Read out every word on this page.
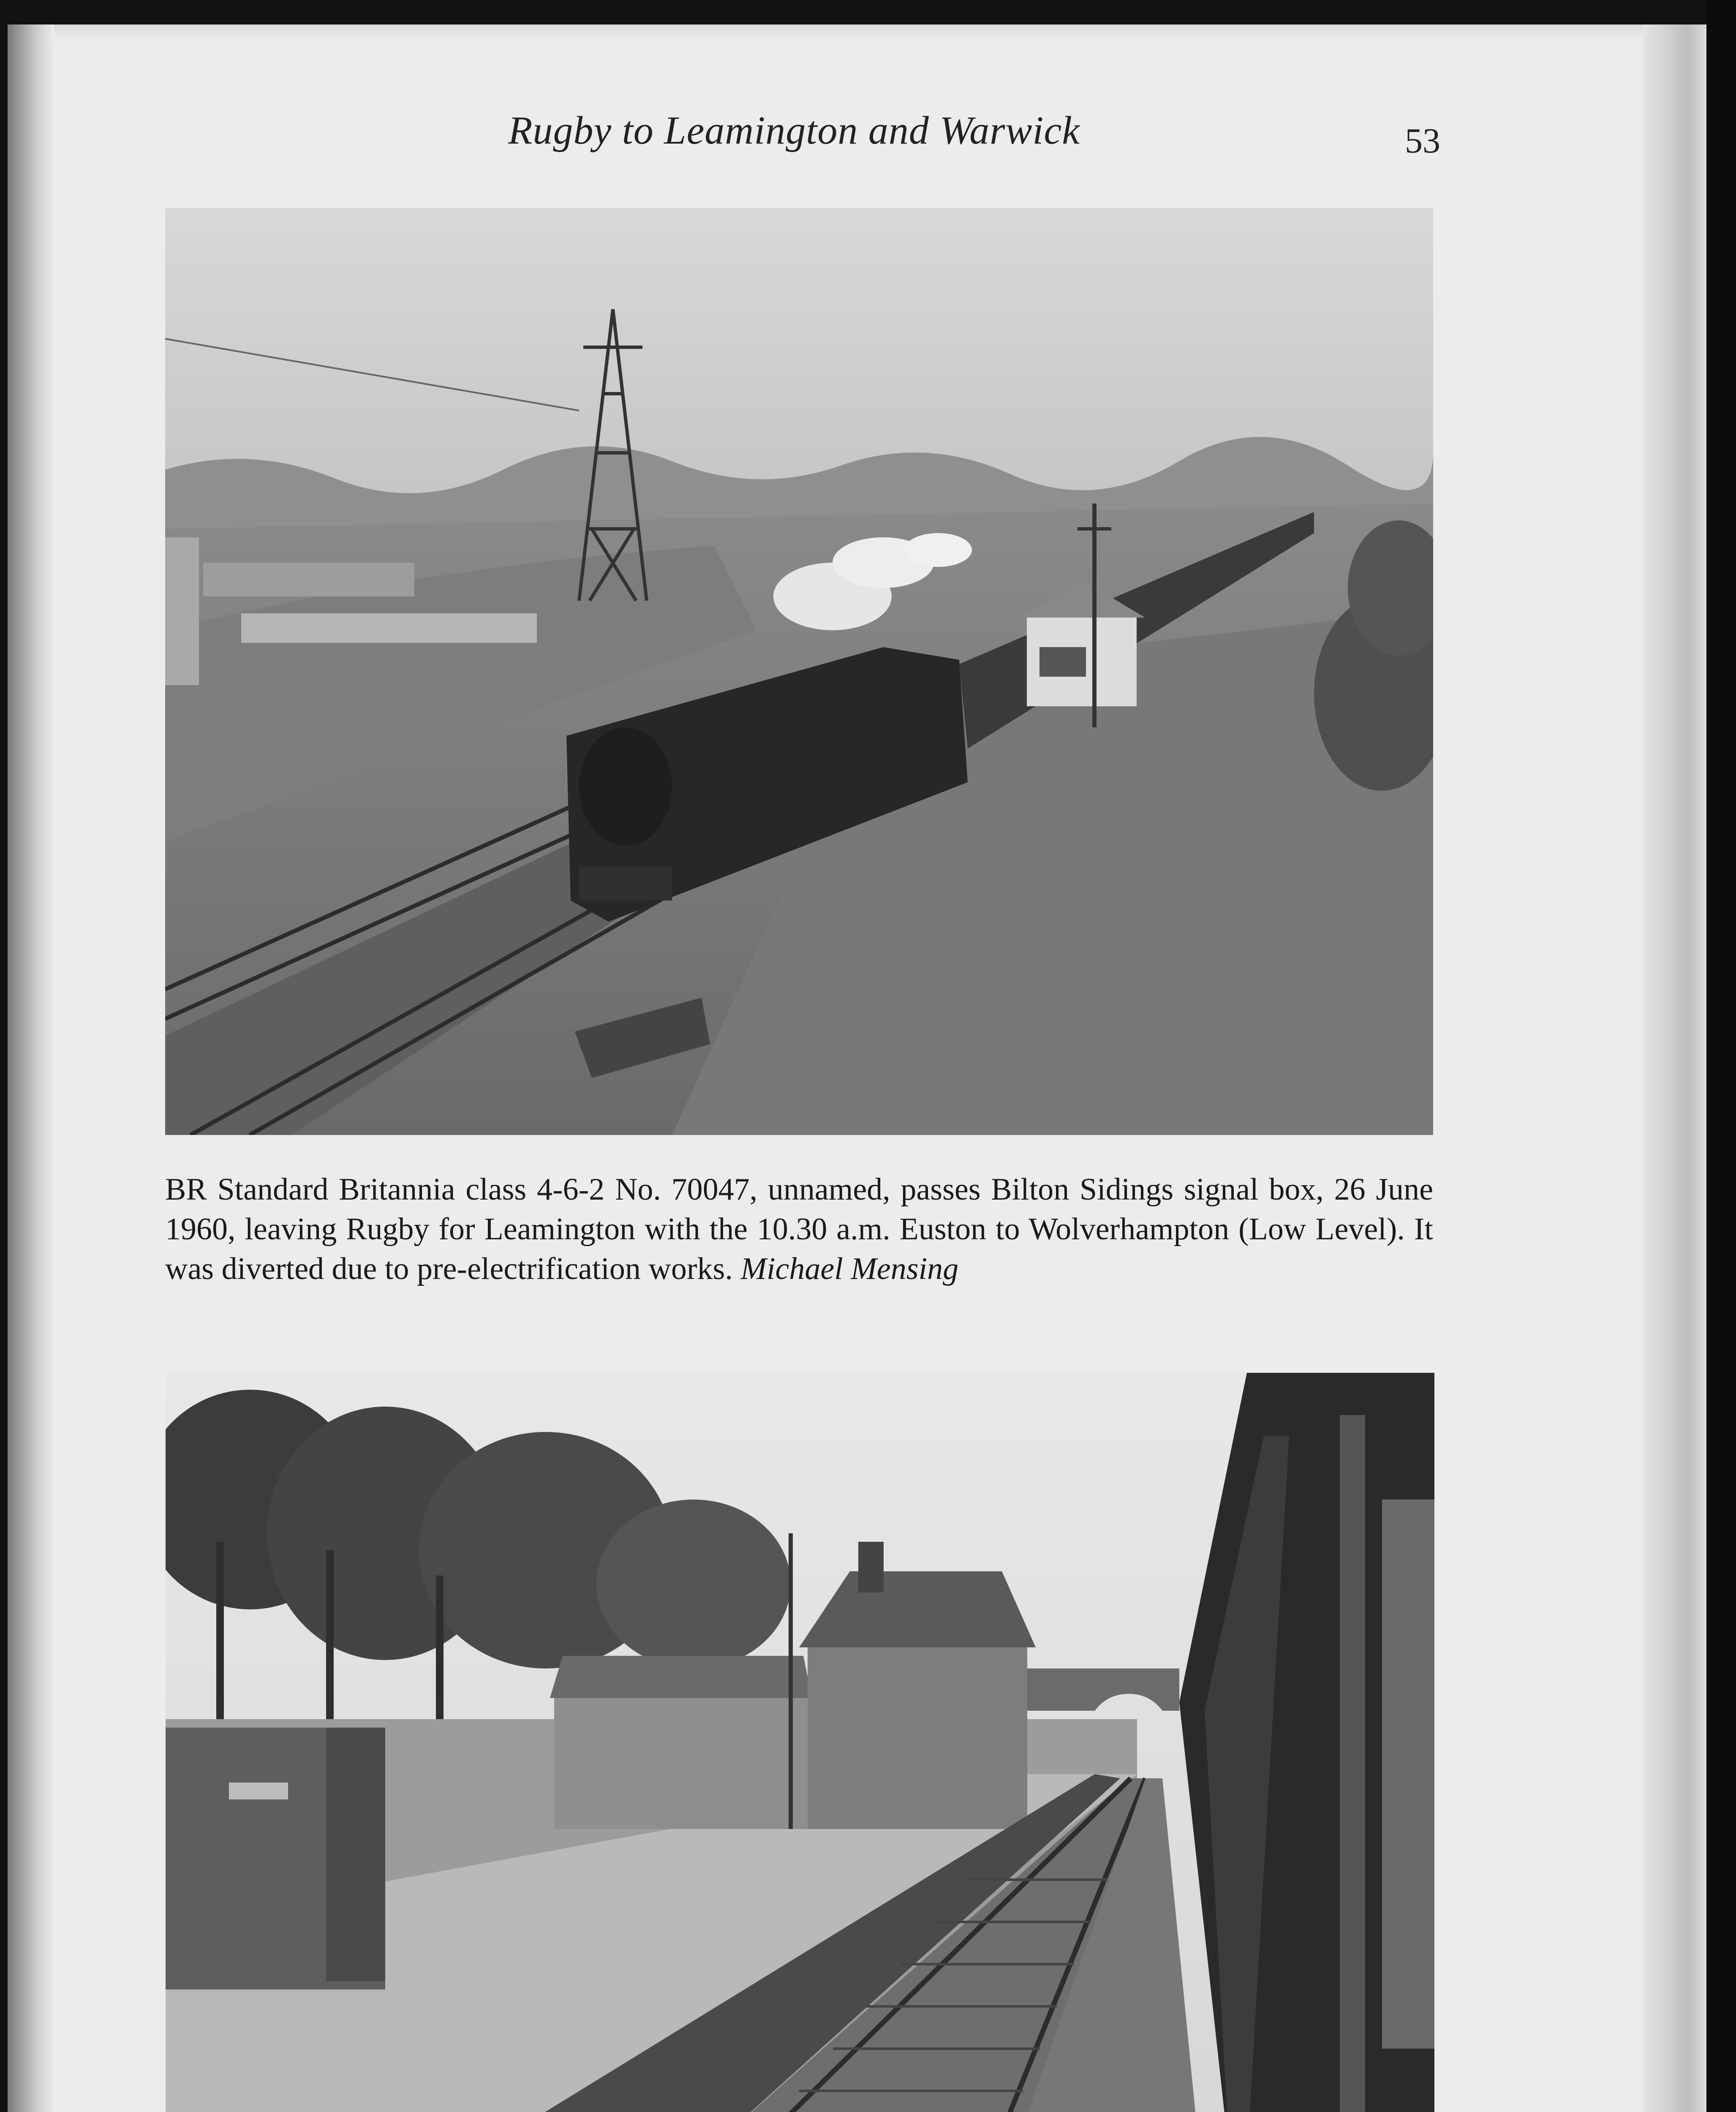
Rugby to Leamington and Warwick	53
BR Standard Britannia class 4-6-2 No. 70047, unnamed, passes Bilton Sidings signal box, 26 June 1960, leaving Rugby for Leamington with the 10.30 a.m. Euston to Wolverhampton (Low Level). It was diverted due to pre-electrification works. Michael Mensing
